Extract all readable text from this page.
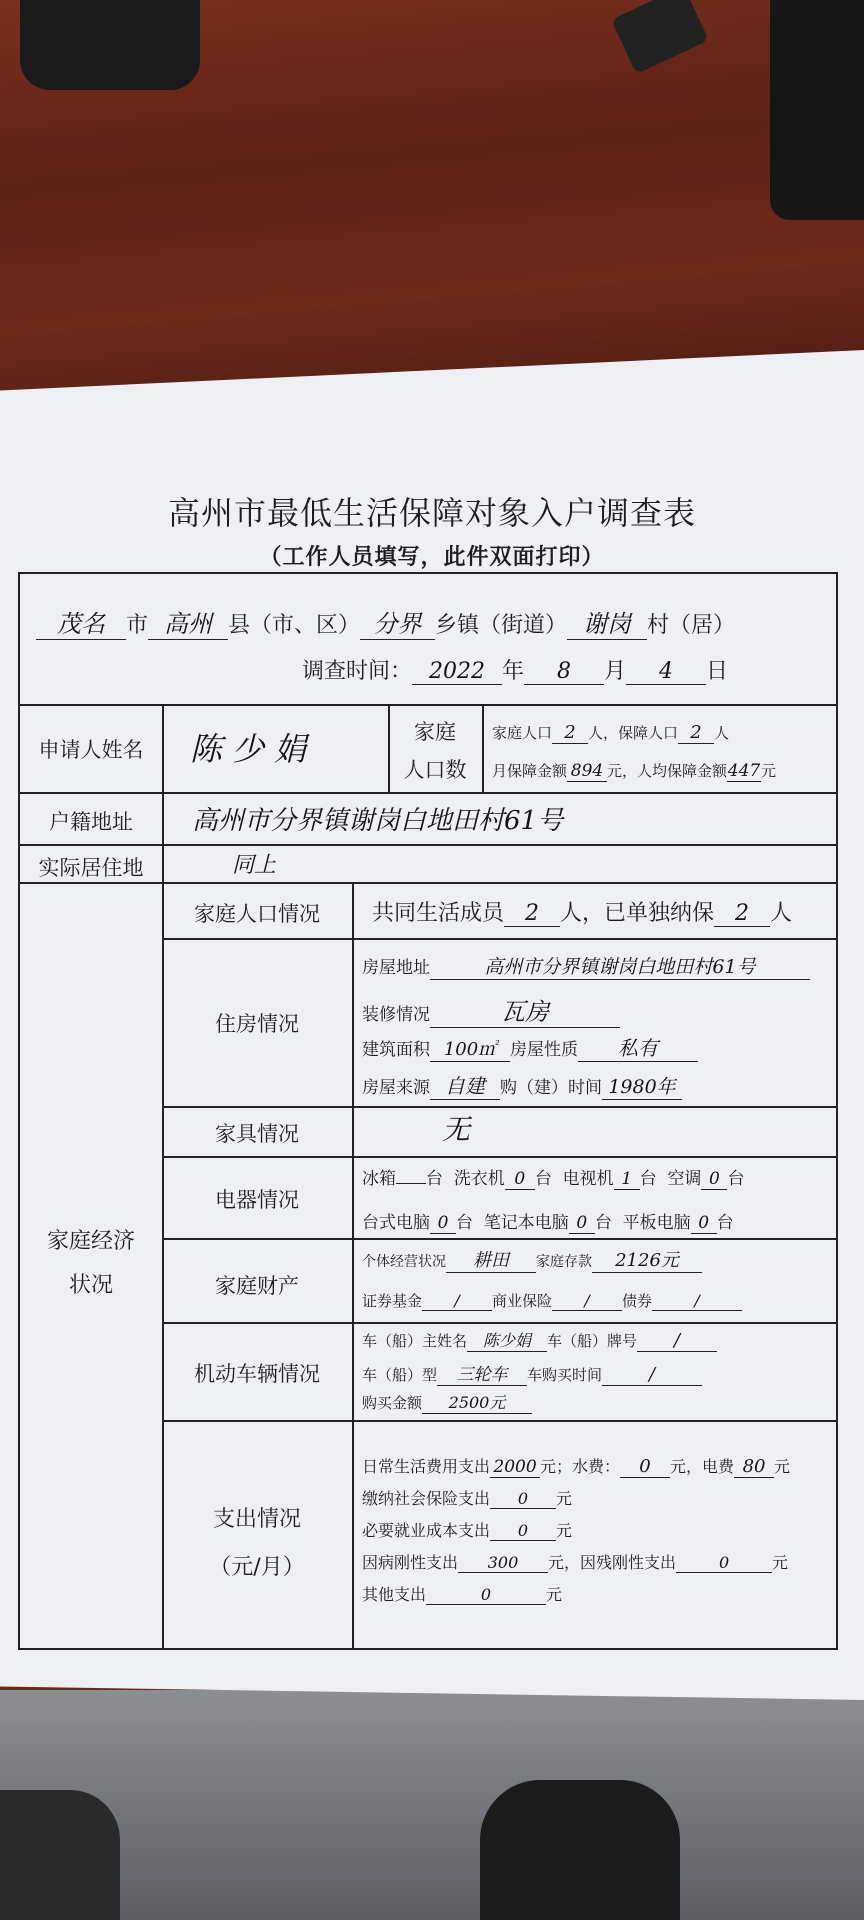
高州市最低生活保障对象入户调查表
（工作人员填写，此件双面打印）
茂名 市 高州 县（市、区） 分界 乡镇（街道） 谢岗 村（居）
调查时间： 2022 年 8 月 4 日
申请人姓名	陈少娟	家庭
人口数
家庭人口 2 人，保障人口 2 人
月保障金额 894 元，人均保障金额447元
户籍地址	高州市分界镇谢岗白地田村61号
实际居住地	同上
家庭经济
状况
家庭人口情况	共同生活成员 2 人，已单独纳保 2 人
住房情况
房屋地址	高州市分界镇谢岗白地田村61号
装修情况	瓦房
建筑面积 100㎡ 房屋性质 私有
房屋来源 自建 购（建）时间 1980年
家具情况	无
电器情况
冰箱 台 洗衣机 0 台 电视机 1 台 空调 0 台
台式电脑 0 台 笔记本电脑 0 台 平板电脑 0 台
家庭财产
个体经营状况 耕田 家庭存款 2126元
证券基金 / 商业保险 / 债券	/
机动车辆情况
车（船）主姓名 陈少娟 车（船）牌号 /
车（船）型 三轮车 车购买时间	/
购买金额 2500元
支出情况
（元/月）
日常生活费用支出 2000 元；水费： 0 元，电费 80 元
缴纳社会保险支出 0 元
必要就业成本支出 0 元
因病刚性支出 300 元，因残刚性支出	0	元
其他支出	0	元
